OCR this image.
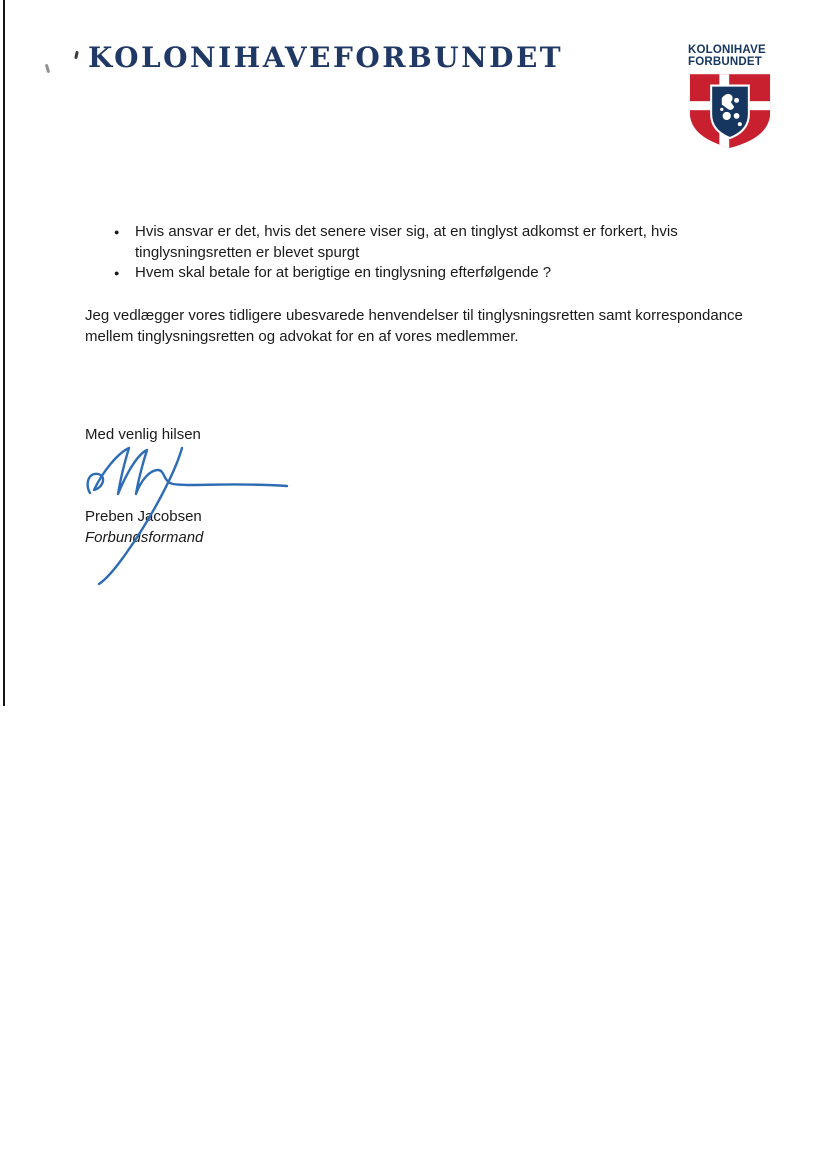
KOLONIHAVEFORBUNDET	KOLONIHAVE
FORBUNDET
● Hvis ansvar er det, hvis det senere viser sig, at en tinglyst adkomst er forkert, hvis tinglysningsretten er blevet spurgt
● Hvem skal betale for at berigtige en tinglysning efterfølgende ?

Jeg vedlægger vores tidligere ubesvarede henvendelser til tinglysningsretten samt korrespondance mellem tinglysningsretten og advokat for en af vores medlemmer.

Med venlig hilsen

Preben Jacobsen
Forbundsformand
